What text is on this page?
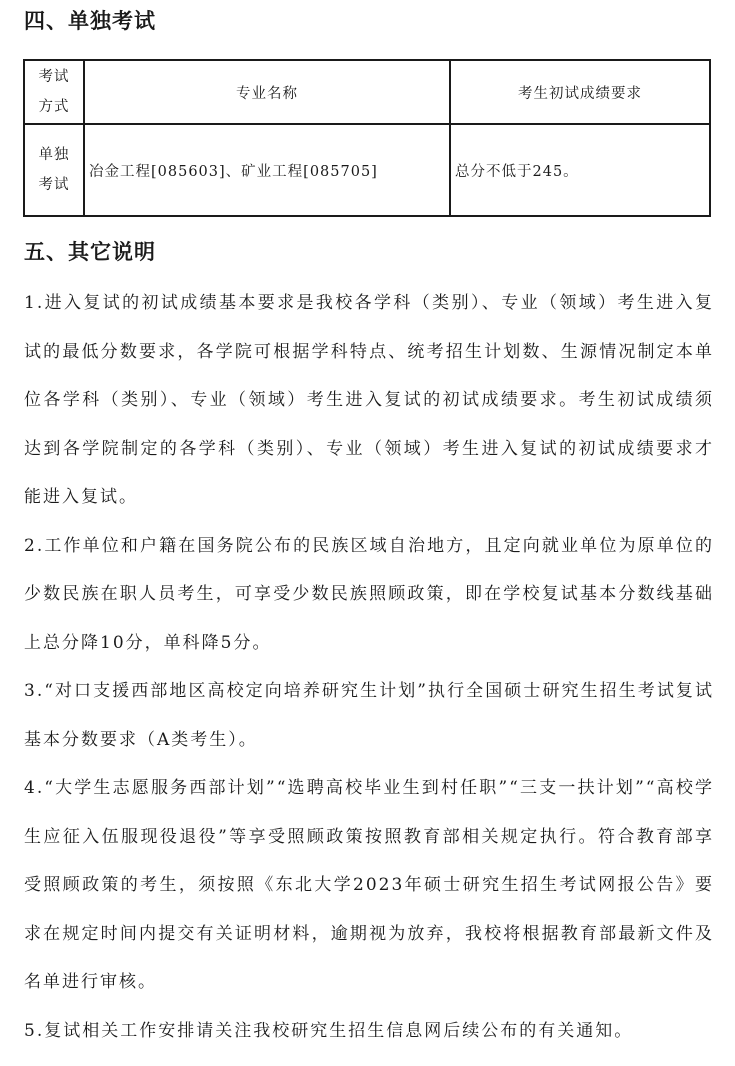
四、单独考试
考试方式	专业名称	考生初试成绩要求
单独考试	冶金工程[085603]、矿业工程[085705]	总分不低于245。
五、其它说明

1.进入复试的初试成绩基本要求是我校各学科（类别）、专业（领域）考生进入复试的最低分数要求，各学院可根据学科特点、统考招生计划数、生源情况制定本单位各学科（类别）、专业（领域）考生进入复试的初试成绩要求。考生初试成绩须达到各学院制定的各学科（类别）、专业（领域）考生进入复试的初试成绩要求才能进入复试。

2.工作单位和户籍在国务院公布的民族区域自治地方，且定向就业单位为原单位的少数民族在职人员考生，可享受少数民族照顾政策，即在学校复试基本分数线基础上总分降10分，单科降5分。

3.“对口支援西部地区高校定向培养研究生计划”执行全国硕士研究生招生考试复试基本分数要求（A类考生）。

4.“大学生志愿服务西部计划”“选聘高校毕业生到村任职”“三支一扶计划”“高校学生应征入伍服现役退役”等享受照顾政策按照教育部相关规定执行。符合教育部享受照顾政策的考生，须按照《东北大学2023年硕士研究生招生考试网报公告》要求在规定时间内提交有关证明材料，逾期视为放弃，我校将根据教育部最新文件及名单进行审核。

5.复试相关工作安排请关注我校研究生招生信息网后续公布的有关通知。
